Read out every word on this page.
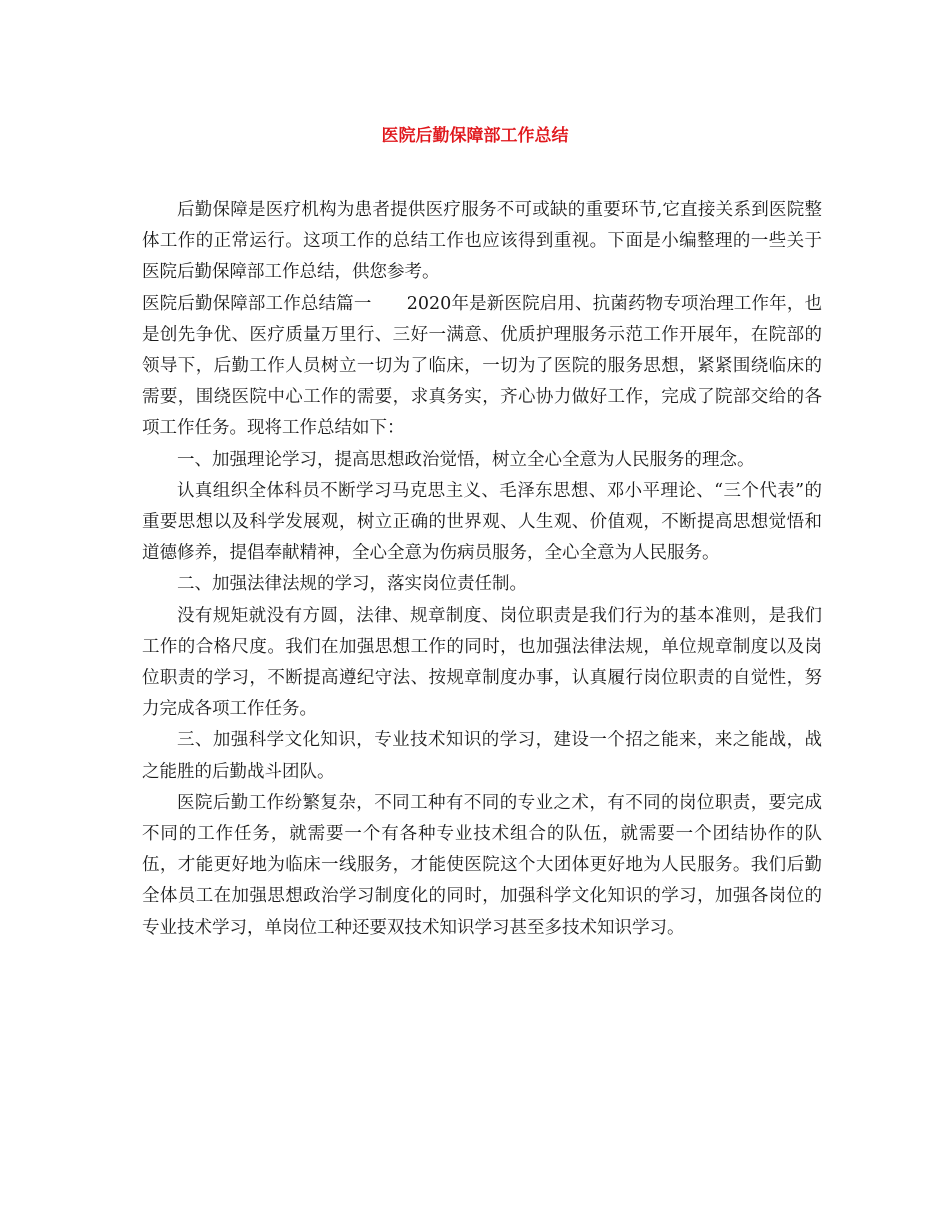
医院后勤保障部工作总结

后勤保障是医疗机构为患者提供医疗服务不可或缺的重要环节,它直接关系到医院整体工作的正常运行。这项工作的总结工作也应该得到重视。下面是小编整理的一些关于医院后勤保障部工作总结，供您参考。

医院后勤保障部工作总结篇一　　2020年是新医院启用、抗菌药物专项治理工作年，也是创先争优、医疗质量万里行、三好一满意、优质护理服务示范工作开展年，在院部的领导下，后勤工作人员树立一切为了临床，一切为了医院的服务思想，紧紧围绕临床的需要，围绕医院中心工作的需要，求真务实，齐心协力做好工作，完成了院部交给的各项工作任务。现将工作总结如下：

一、加强理论学习，提高思想政治觉悟，树立全心全意为人民服务的理念。

认真组织全体科员不断学习马克思主义、毛泽东思想、邓小平理论、“三个代表”的重要思想以及科学发展观，树立正确的世界观、人生观、价值观，不断提高思想觉悟和道德修养，提倡奉献精神，全心全意为伤病员服务，全心全意为人民服务。

二、加强法律法规的学习，落实岗位责任制。

没有规矩就没有方圆，法律、规章制度、岗位职责是我们行为的基本准则，是我们工作的合格尺度。我们在加强思想工作的同时，也加强法律法规，单位规章制度以及岗位职责的学习，不断提高遵纪守法、按规章制度办事，认真履行岗位职责的自觉性，努力完成各项工作任务。

三、加强科学文化知识，专业技术知识的学习，建设一个招之能来，来之能战，战之能胜的后勤战斗团队。

医院后勤工作纷繁复杂，不同工种有不同的专业之术，有不同的岗位职责，要完成不同的工作任务，就需要一个有各种专业技术组合的队伍，就需要一个团结协作的队伍，才能更好地为临床一线服务，才能使医院这个大团体更好地为人民服务。我们后勤全体员工在加强思想政治学习制度化的同时，加强科学文化知识的学习，加强各岗位的专业技术学习，单岗位工种还要双技术知识学习甚至多技术知识学习。
